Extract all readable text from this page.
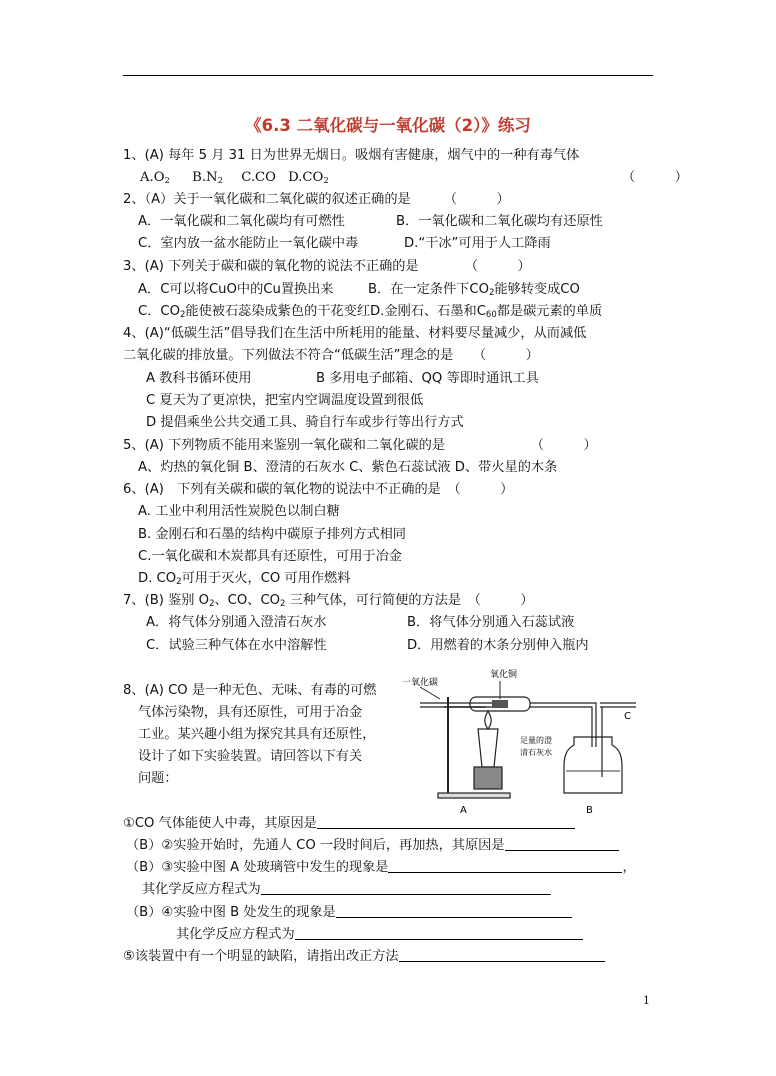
《6.3 二氧化碳与一氧化碳（2）》练习
1、(A) 每年 5 月 31 日为世界无烟日。吸烟有害健康，烟气中的一种有毒气体
A.O2 B.N2 C.CO D.CO2	（　　　）
2、（A）关于一氧化碳和二氧化碳的叙述正确的是　　　（　　　）
A．一氧化碳和二氧化碳均有可燃性	B．一氧化碳和二氧化碳均有还原性
C．室内放一盆水能防止一氧化碳中毒	D.“干冰”可用于人工降雨
3、(A) 下列关于碳和碳的氧化物的说法不正确的是　　　　（　　　）
A．C可以将CuO中的Cu置换出来	B．在一定条件下CO2能够转变成CO
C．CO2能使被石蕊染成紫色的干花变红D.金刚石、石墨和C60都是碳元素的单质
4、(A)“低碳生活”倡导我们在生活中所耗用的能量、材料要尽量减少，从而减低
二氧化碳的排放量。下列做法不符合“低碳生活”理念的是　　（　　　）
A 教科书循环使用	B 多用电子邮箱、QQ 等即时通讯工具
C 夏天为了更凉快，把室内空调温度设置到很低
D 提倡乘坐公共交通工具、骑自行车或步行等出行方式
5、(A) 下列物质不能用来鉴别一氧化碳和二氧化碳的是　　　　　　　（　　　）
A、灼热的氧化铜 B、澄清的石灰水 C、紫色石蕊试液 D、带火星的木条
6、(A)　下列有关碳和碳的氧化物的说法中不正确的是　（　　　）
A. 工业中利用活性炭脱色以制白糖
B. 金刚石和石墨的结构中碳原子排列方式相同
C.一氧化碳和木炭都具有还原性，可用于冶金
D. CO2可用于灭火，CO 可用作燃料
7、(B) 鉴别 O2、CO、CO2 三种气体，可行简便的方法是　（　　　）
A．将气体分别通入澄清石灰水	B．将气体分别通入石蕊试液
C．试验三种气体在水中溶解性	D．用燃着的木条分别伸入瓶内
8、(A) CO 是一种无色、无味、有毒的可燃
气体污染物，具有还原性，可用于冶金
工业。某兴趣小组为探究其具有还原性，
设计了如下实验装置。请回答以下有关
问题：
一氧化碳
氧化铜
C
足量的澄
清石灰水
A	B
①CO 气体能使人中毒，其原因是
（B）②实验开始时，先通人 CO 一段时间后，再加热，其原因是
（B）③实验中图 A 处玻璃管中发生的现象是	，
其化学反应方程式为
（B）④实验中图 B 处发生的现象是
其化学反应方程式为
⑤该装置中有一个明显的缺陷，请指出改正方法
1
